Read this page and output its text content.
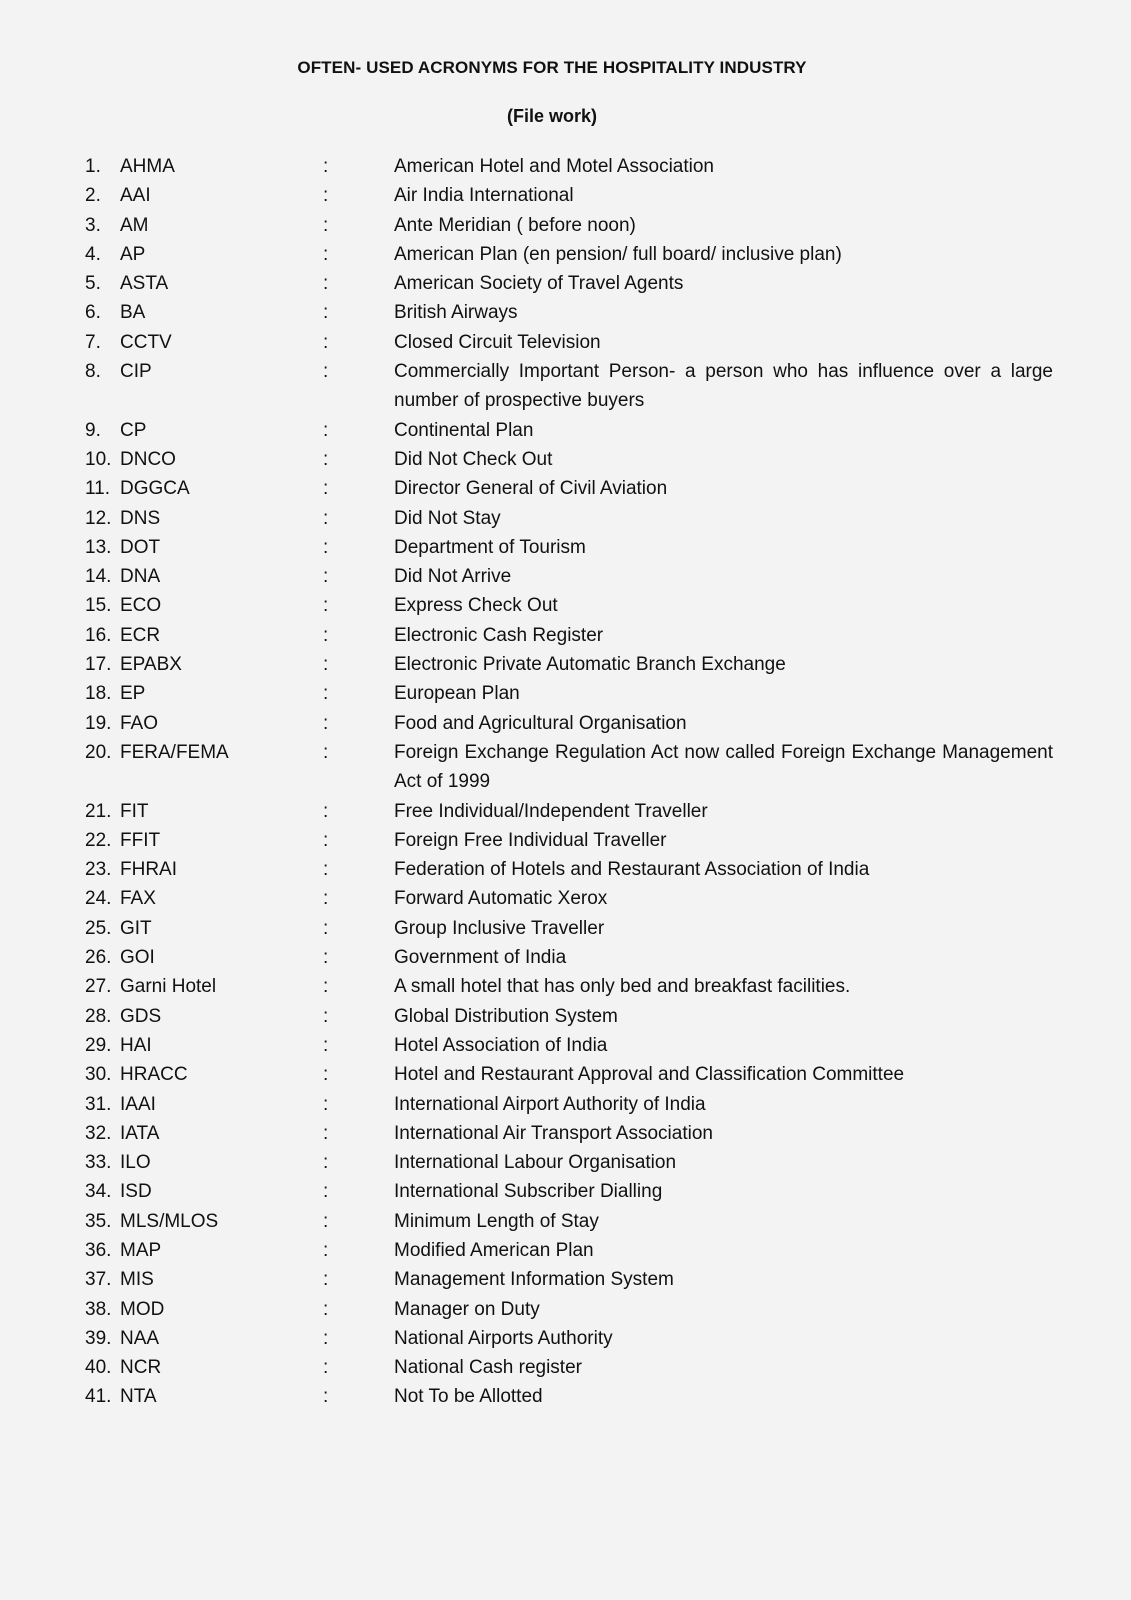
OFTEN- USED ACRONYMS FOR THE HOSPITALITY INDUSTRY
(File work)
1.	AHMA	:	American Hotel and Motel Association
2.	AAI	:	Air India International
3.	AM	:	Ante Meridian ( before noon)
4.	AP	:	American Plan (en pension/ full board/ inclusive plan)
5.	ASTA	:	American Society of Travel Agents
6.	BA	:	British Airways
7.	CCTV	:	Closed Circuit Television
8.	CIP	:	Commercially Important Person- a person who has influence over a large number of prospective buyers
9.	CP	:	Continental Plan
10. DNCO	:	Did Not Check Out
11. DGGCA	:	Director General of Civil Aviation
12. DNS	:	Did Not Stay
13. DOT	:	Department of Tourism
14. DNA	:	Did Not Arrive
15. ECO	:	Express Check Out
16. ECR	:	Electronic Cash Register
17. EPABX	:	Electronic Private Automatic Branch Exchange
18. EP	:	European Plan
19. FAO	:	Food and Agricultural Organisation
20. FERA/FEMA	:	Foreign Exchange Regulation Act now called Foreign Exchange Management Act of 1999
21. FIT	:	Free Individual/Independent Traveller
22. FFIT	:	Foreign Free Individual Traveller
23. FHRAI	:	Federation of Hotels and Restaurant Association of India
24. FAX	:	Forward Automatic Xerox
25. GIT	:	Group Inclusive Traveller
26. GOI	:	Government of India
27. Garni Hotel	:	A small hotel that has only bed and breakfast facilities.
28. GDS	:	Global Distribution System
29. HAI	:	Hotel Association of India
30. HRACC	:	Hotel and Restaurant Approval and Classification Committee
31. IAAI	:	International Airport Authority of India
32. IATA	:	International Air Transport Association
33. ILO	:	International Labour Organisation
34. ISD	:	International Subscriber Dialling
35. MLS/MLOS	:	Minimum Length of Stay
36. MAP	:	Modified American Plan
37. MIS	:	Management Information System
38. MOD	:	Manager on Duty
39. NAA	:	National Airports Authority
40. NCR	:	National Cash register
41. NTA	:	Not To be Allotted
